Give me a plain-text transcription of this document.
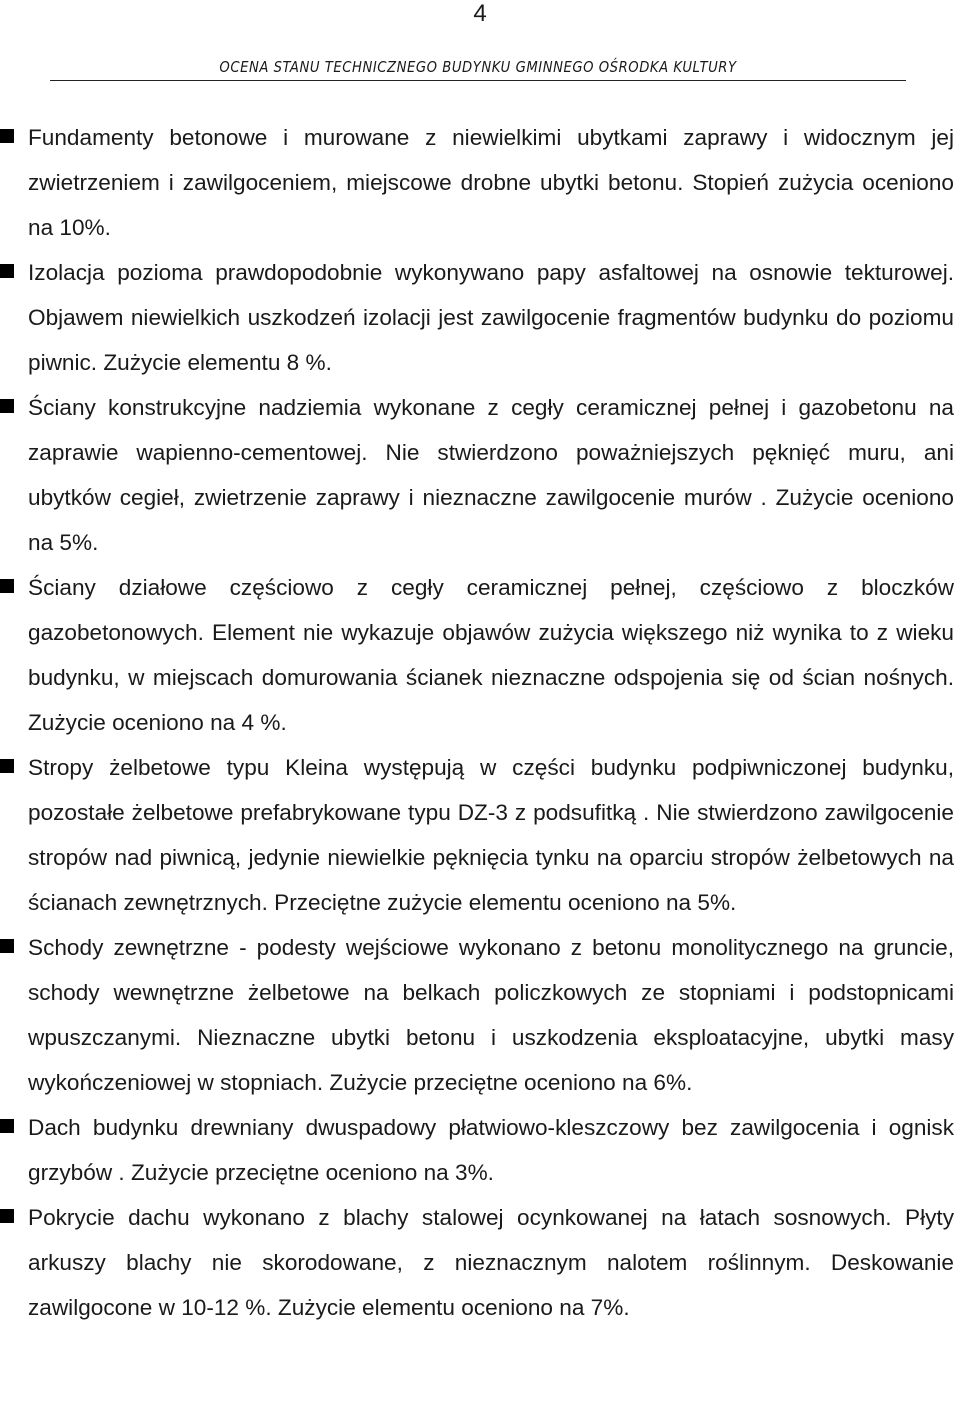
4
OCENA STANU TECHNICZNEGO BUDYNKU GMINNEGO OŚRODKA KULTURY

Fundamenty betonowe i murowane z niewielkimi ubytkami zaprawy i widocznym jej zwietrzeniem i zawilgoceniem, miejscowe drobne ubytki betonu. Stopień zużycia oceniono na 10%.

Izolacja pozioma prawdopodobnie wykonywano papy asfaltowej na osnowie tekturowej. Objawem niewielkich uszkodzeń izolacji jest zawilgocenie fragmentów budynku do poziomu piwnic. Zużycie elementu 8 %.

Ściany konstrukcyjne nadziemia wykonane z cegły ceramicznej pełnej i gazobetonu na zaprawie wapienno-cementowej. Nie stwierdzono poważniejszych pęknięć muru, ani ubytków cegieł, zwietrzenie zaprawy i nieznaczne zawilgocenie murów . Zużycie oceniono na 5%.

Ściany działowe częściowo z cegły ceramicznej pełnej, częściowo z bloczków gazobetonowych. Element nie wykazuje objawów zużycia większego niż wynika to z wieku budynku, w miejscach domurowania ścianek nieznaczne odspojenia się od ścian nośnych. Zużycie oceniono na 4 %.

Stropy żelbetowe typu Kleina występują w części budynku podpiwniczonej budynku, pozostałe żelbetowe prefabrykowane typu DZ-3 z podsufitką . Nie stwierdzono zawilgocenie stropów nad piwnicą, jedynie niewielkie pęknięcia tynku na oparciu stropów żelbetowych na ścianach zewnętrznych. Przeciętne zużycie elementu oceniono na 5%.

Schody zewnętrzne - podesty wejściowe wykonano z betonu monolitycznego na gruncie, schody wewnętrzne żelbetowe na belkach policzkowych ze stopniami i podstopnicami wpuszczanymi. Nieznaczne ubytki betonu i uszkodzenia eksploatacyjne, ubytki masy wykończeniowej w stopniach. Zużycie przeciętne oceniono na 6%.

Dach budynku drewniany dwuspadowy płatwiowo-kleszczowy bez zawilgocenia i ognisk grzybów . Zużycie przeciętne oceniono na 3%.

Pokrycie dachu wykonano z blachy stalowej ocynkowanej na łatach sosnowych. Płyty arkuszy blachy nie skorodowane, z nieznacznym nalotem roślinnym. Deskowanie zawilgocone w 10-12 %. Zużycie elementu oceniono na 7%.
